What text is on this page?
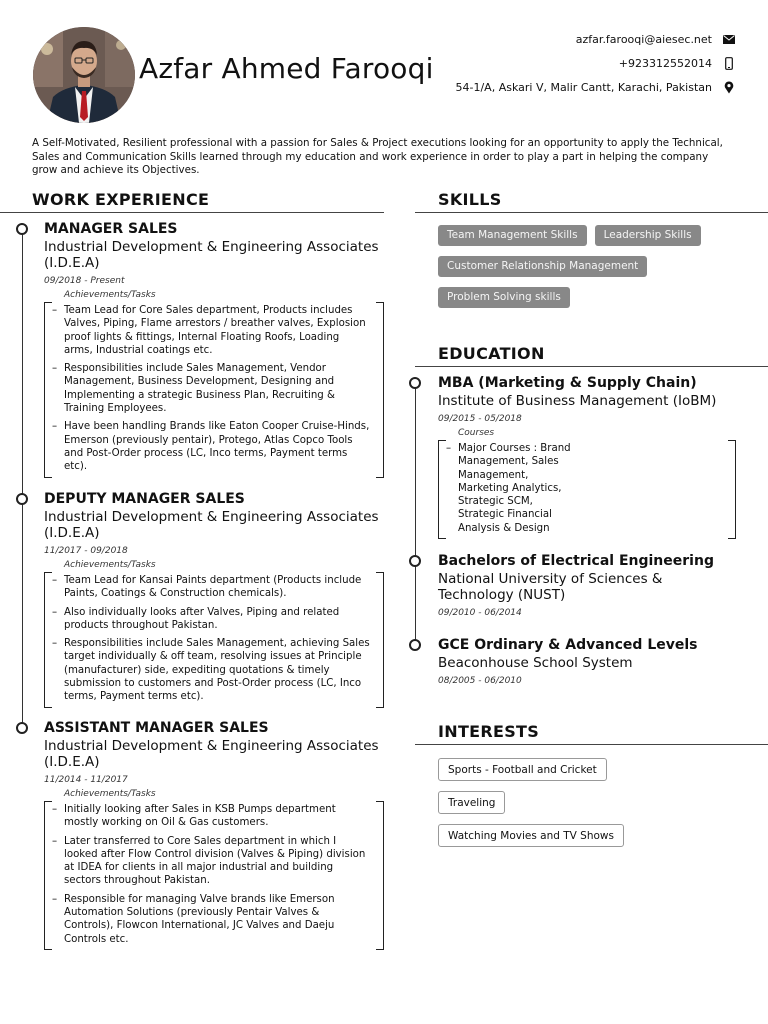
Azfar Ahmed Farooqi
azfar.farooqi@aiesec.net
+923312552014
54-1/A, Askari V, Malir Cantt, Karachi, Pakistan
A Self-Motivated, Resilient professional with a passion for Sales & Project executions looking for an opportunity to apply the Technical, Sales and Communication Skills learned through my education and work experience in order to play a part in helping the company grow and achieve its Objectives.
WORK EXPERIENCE
MANAGER SALES
Industrial Development & Engineering Associates (I.D.E.A)
09/2018 - Present
Achievements/Tasks
– Team Lead for Core Sales department, Products includes Valves, Piping, Flame arrestors / breather valves, Explosion proof lights & fittings, Internal Floating Roofs, Loading arms, Industrial coatings etc.
– Responsibilities include Sales Management, Vendor Management, Business Development, Designing and Implementing a strategic Business Plan, Recruiting & Training Employees.
– Have been handling Brands like Eaton Cooper Cruise-Hinds, Emerson (previously pentair), Protego, Atlas Copco Tools and Post-Order process (LC, Inco terms, Payment terms etc).
DEPUTY MANAGER SALES
Industrial Development & Engineering Associates (I.D.E.A)
11/2017 - 09/2018
Achievements/Tasks
– Team Lead for Kansai Paints department (Products include Paints, Coatings & Construction chemicals).
– Also individually looks after Valves, Piping and related products throughout Pakistan.
– Responsibilities include Sales Management, achieving Sales target individually & off team, resolving issues at Principle (manufacturer) side, expediting quotations & timely submission to customers and Post-Order process (LC, Inco terms, Payment terms etc).
ASSISTANT MANAGER SALES
Industrial Development & Engineering Associates (I.D.E.A)
11/2014 - 11/2017
Achievements/Tasks
– Initially looking after Sales in KSB Pumps department mostly working on Oil & Gas customers.
– Later transferred to Core Sales department in which I looked after Flow Control division (Valves & Piping) division at IDEA for clients in all major industrial and building sectors throughout Pakistan.
– Responsible for managing Valve brands like Emerson Automation Solutions (previously Pentair Valves & Controls), Flowcon International, JC Valves and Daeju Controls etc.
SKILLS
Team Management Skills	Leadership Skills
Customer Relationship Management
Problem Solving skills
EDUCATION
MBA (Marketing & Supply Chain)
Institute of Business Management (IoBM)
09/2015 - 05/2018
Courses
– Major Courses : Brand Management, Sales Management, Marketing Analytics, Strategic SCM, Strategic Financial Analysis & Design
Bachelors of Electrical Engineering
National University of Sciences & Technology (NUST)
09/2010 - 06/2014
GCE Ordinary & Advanced Levels
Beaconhouse School System
08/2005 - 06/2010
INTERESTS
Sports - Football and Cricket
Traveling
Watching Movies and TV Shows
